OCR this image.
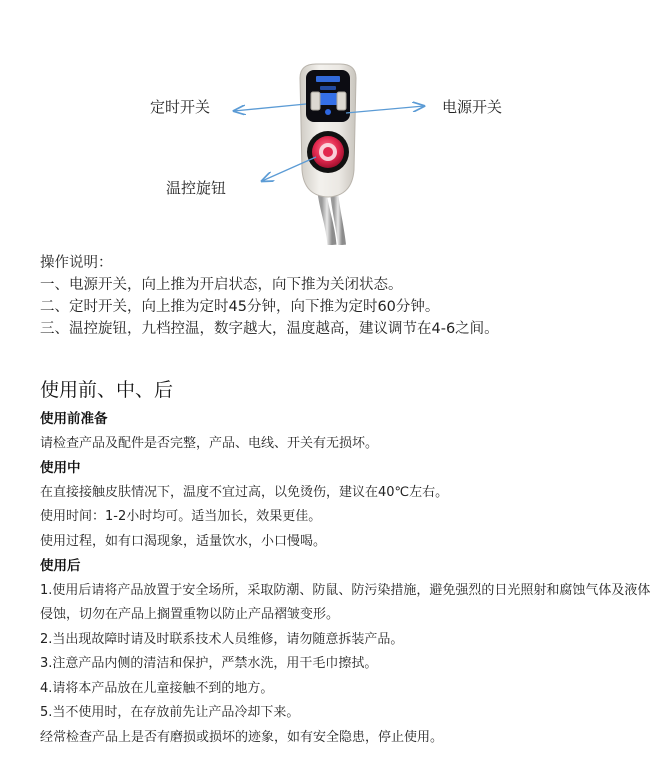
定时开关	电源开关
温控旋钮
操作说明：
一、电源开关，向上推为开启状态，向下推为关闭状态。
二、定时开关，向上推为定时45分钟，向下推为定时60分钟。
三、温控旋钮，九档控温，数字越大，温度越高，建议调节在4-6之间。
使用前、中、后
使用前准备
请检查产品及配件是否完整，产品、电线、开关有无损坏。
使用中
在直接接触皮肤情况下，温度不宜过高，以免烫伤，建议在40℃左右。
使用时间：1-2小时均可。适当加长，效果更佳。
使用过程，如有口渴现象，适量饮水，小口慢喝。
使用后
1.使用后请将产品放置于安全场所，采取防潮、防鼠、防污染措施，避免强烈的日光照射和腐蚀气体及液体侵蚀，切勿在产品上搁置重物以防止产品褶皱变形。
2.当出现故障时请及时联系技术人员维修，请勿随意拆装产品。
3.注意产品内侧的清洁和保护，严禁水洗，用干毛巾擦拭。
4.请将本产品放在儿童接触不到的地方。
5.当不使用时，在存放前先让产品冷却下来。
经常检查产品上是否有磨损或损坏的迹象，如有安全隐患，停止使用。
